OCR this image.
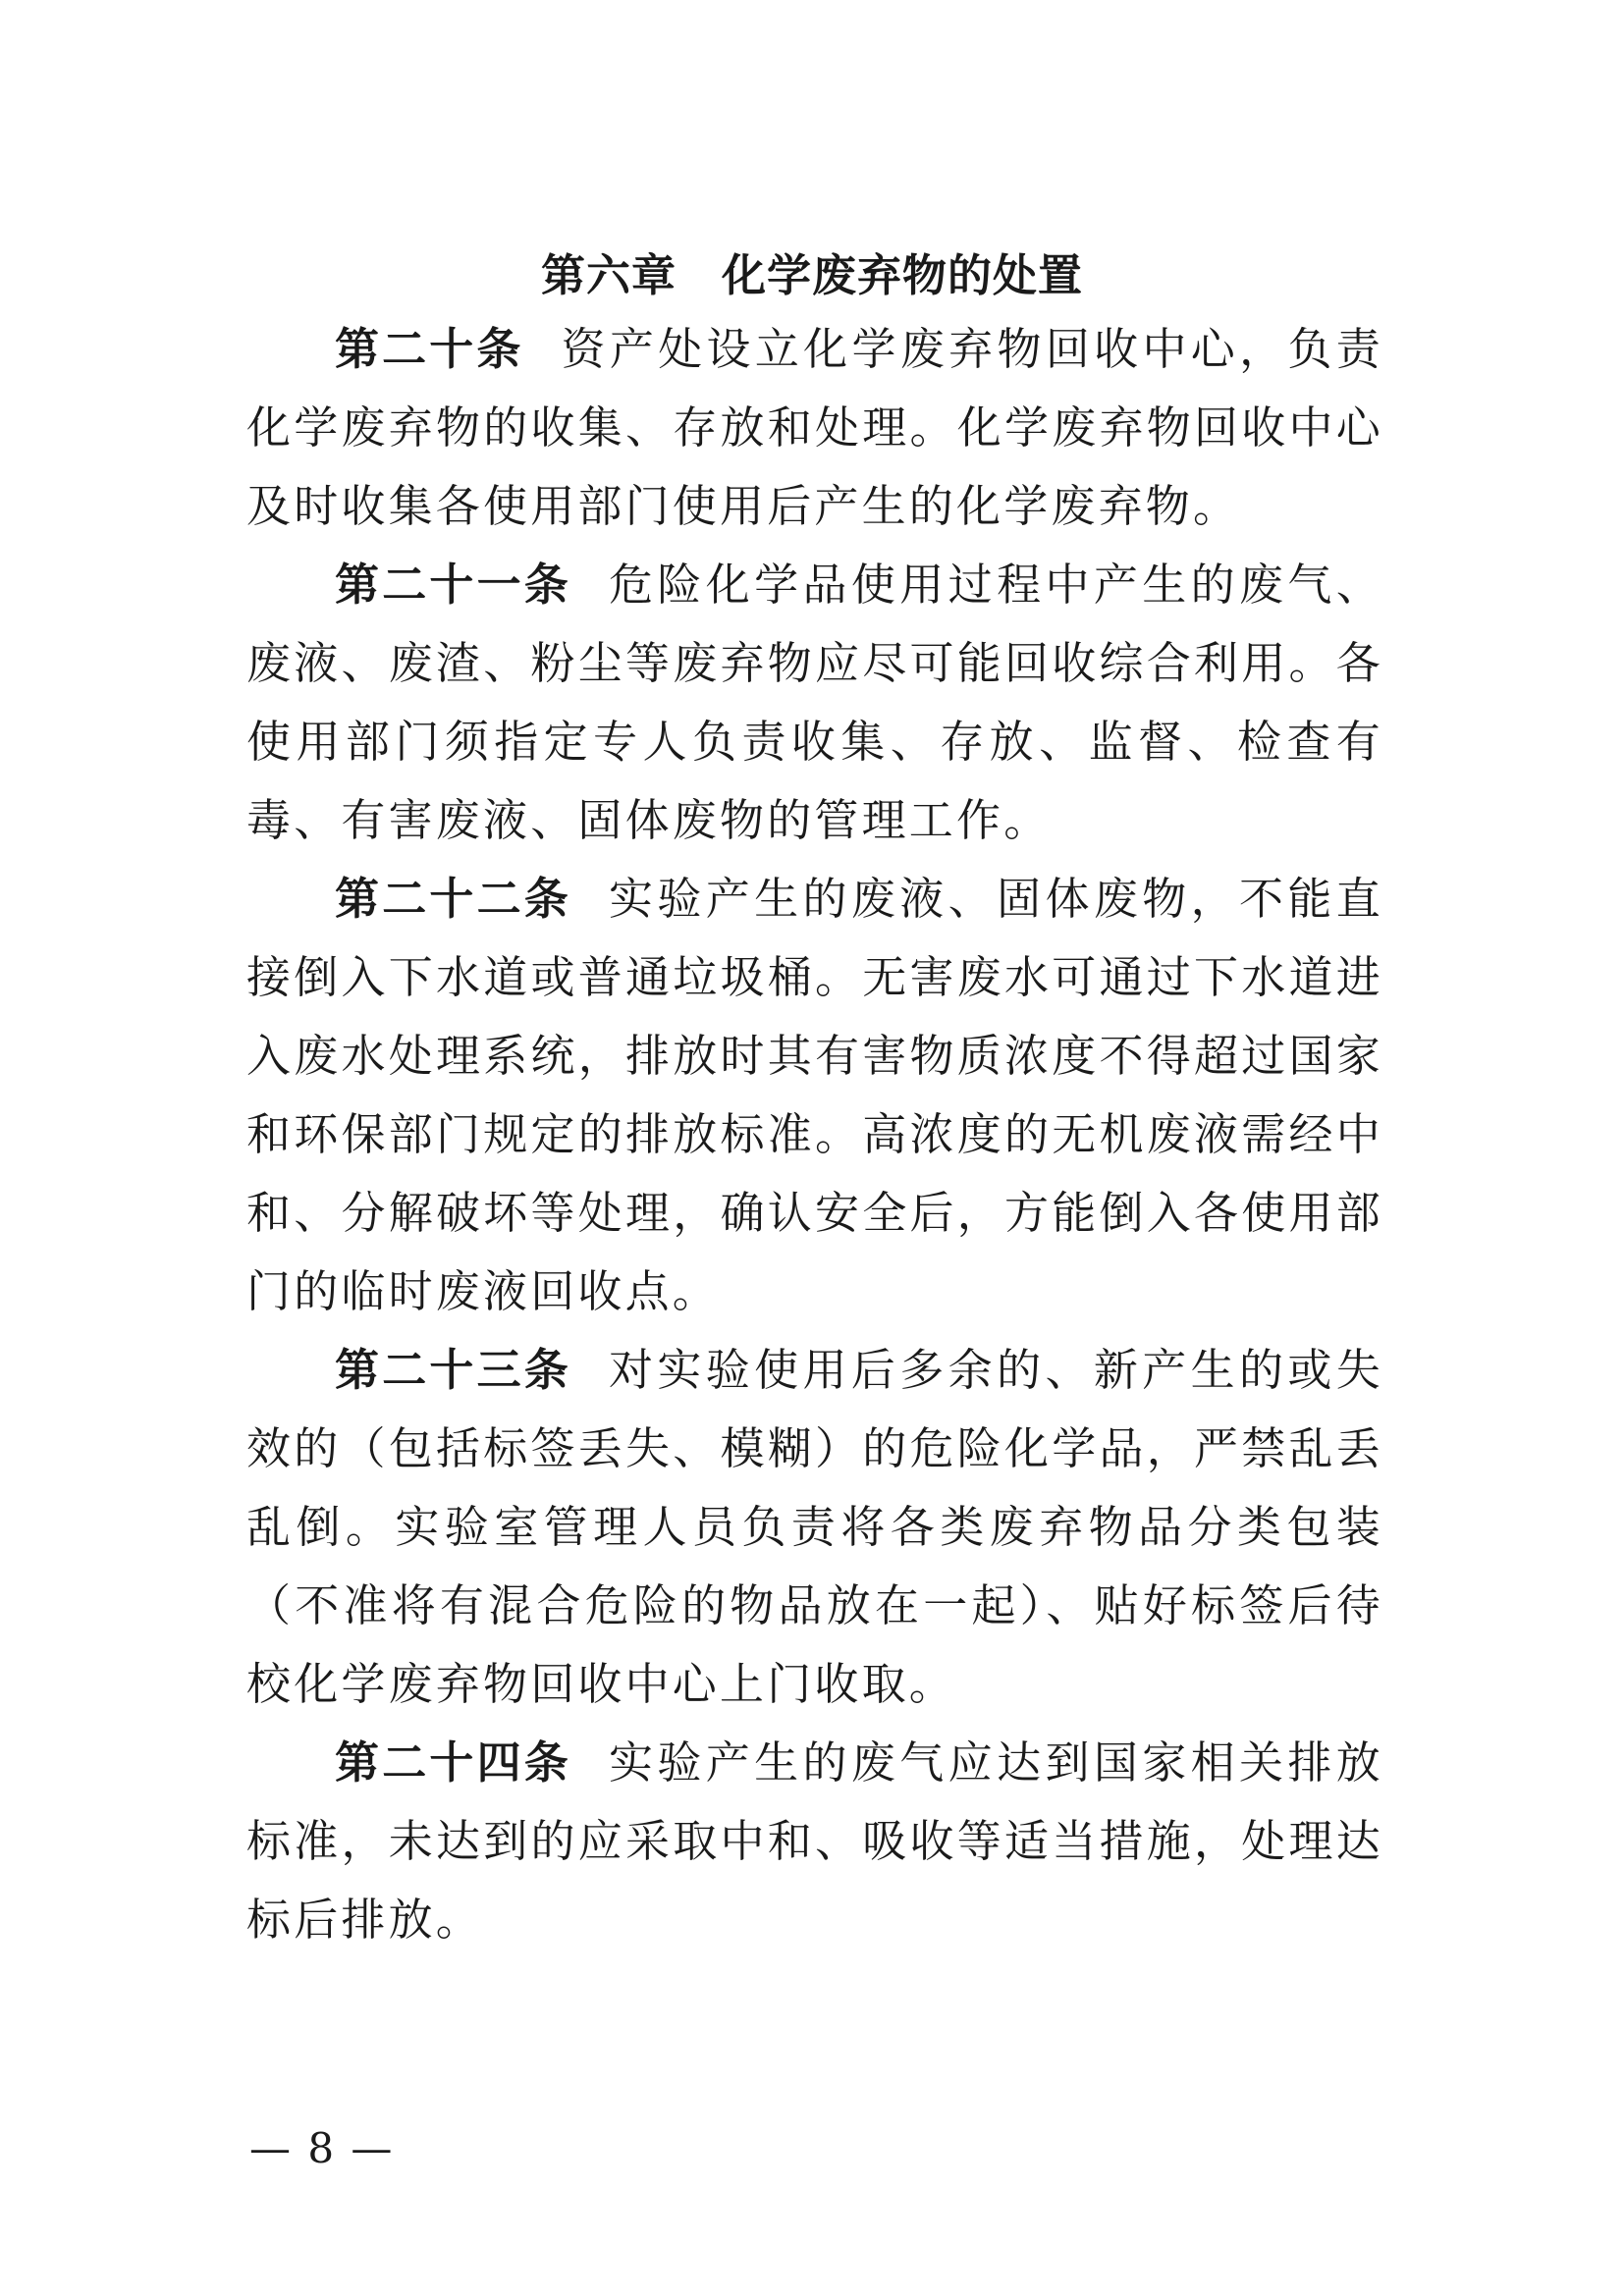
第六章　化学废弃物的处置

第二十条 资产处设立化学废弃物回收中心，负责化学废弃物的收集、存放和处理。化学废弃物回收中心及时收集各使用部门使用后产生的化学废弃物。

第二十一条 危险化学品使用过程中产生的废气、废液、废渣、粉尘等废弃物应尽可能回收综合利用。各使用部门须指定专人负责收集、存放、监督、检查有毒、有害废液、固体废物的管理工作。

第二十二条 实验产生的废液、固体废物，不能直接倒入下水道或普通垃圾桶。无害废水可通过下水道进入废水处理系统，排放时其有害物质浓度不得超过国家和环保部门规定的排放标准。高浓度的无机废液需经中和、分解破坏等处理，确认安全后，方能倒入各使用部门的临时废液回收点。

第二十三条 对实验使用后多余的、新产生的或失效的（包括标签丢失、模糊）的危险化学品，严禁乱丢乱倒。实验室管理人员负责将各类废弃物品分类包装（不准将有混合危险的物品放在一起）、贴好标签后待校化学废弃物回收中心上门收取。

第二十四条 实验产生的废气应达到国家相关排放标准，未达到的应采取中和、吸收等适当措施，处理达标后排放。

— 8 —
